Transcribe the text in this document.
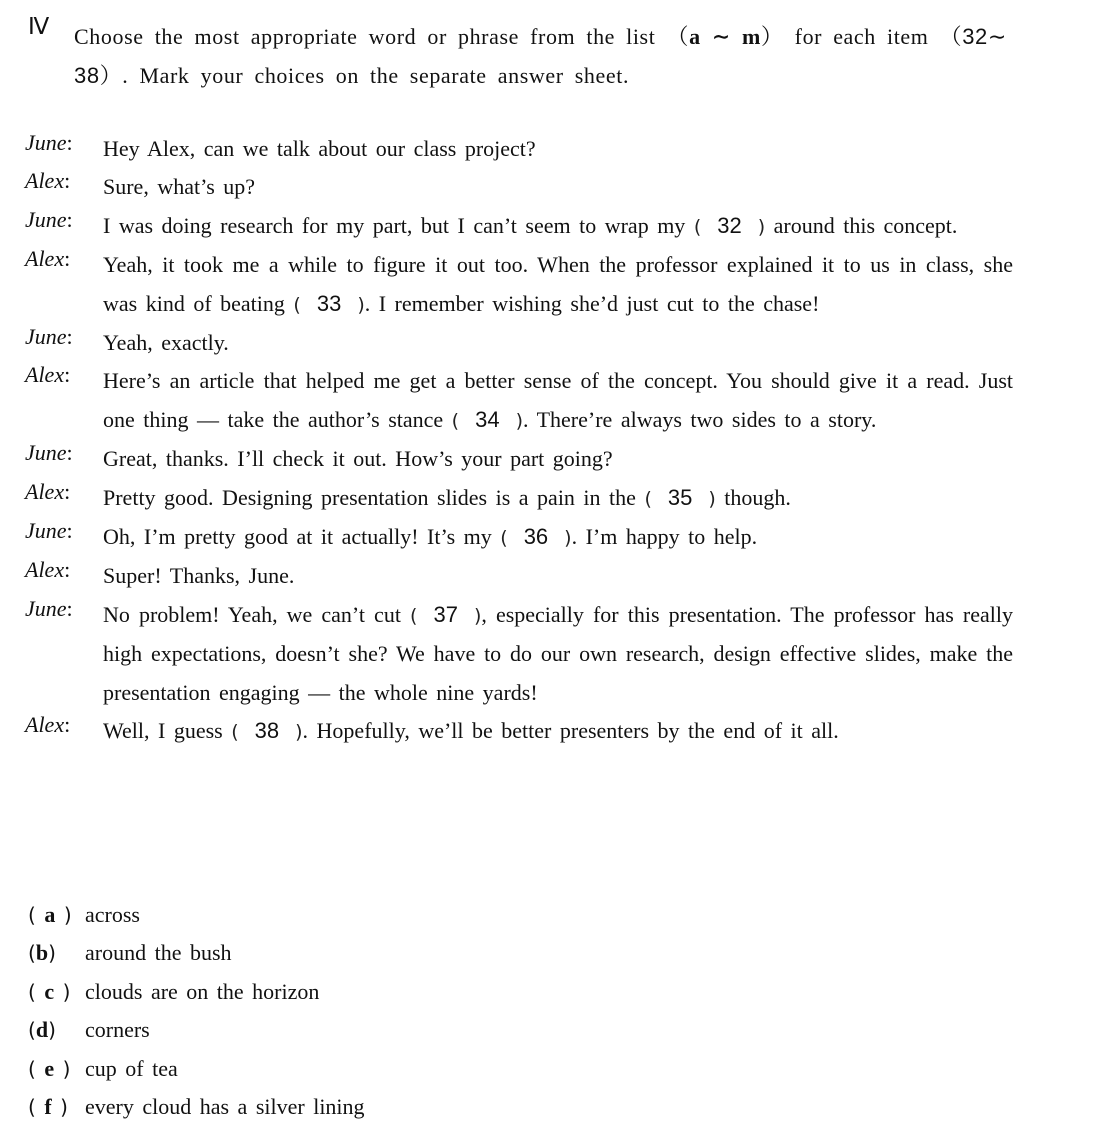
Ⅳ Choose the most appropriate word or phrase from the list （a ∼ m） for each item （32∼
38）. Mark your choices on the separate answer sheet.
June: Hey Alex, can we talk about our class project?
Alex: Sure, what’s up?
June: I was doing research for my part, but I can’t seem to wrap my ( 32 ) around this concept.
Alex: Yeah, it took me a while to figure it out too. When the professor explained it to us in class, she was kind of beating ( 33 ). I remember wishing she’d just cut to the chase!
June: Yeah, exactly.
Alex: Here’s an article that helped me get a better sense of the concept. You should give it a read. Just one thing — take the author’s stance ( 34 ). There’re always two sides to a story.
June: Great, thanks. I’ll check it out. How’s your part going?
Alex: Pretty good. Designing presentation slides is a pain in the ( 35 ) though.
June: Oh, I’m pretty good at it actually! It’s my ( 36 ). I’m happy to help.
Alex: Super! Thanks, June.
June: No problem! Yeah, we can’t cut ( 37 ), especially for this presentation. The professor has really high expectations, doesn’t she? We have to do our own research, design effective slides, make the presentation engaging — the whole nine yards!
Alex: Well, I guess ( 38 ). Hopefully, we’ll be better presenters by the end of it all.
( a ) across
(b) around the bush
( c ) clouds are on the horizon
(d) corners
( e ) cup of tea
( f ) every cloud has a silver lining
